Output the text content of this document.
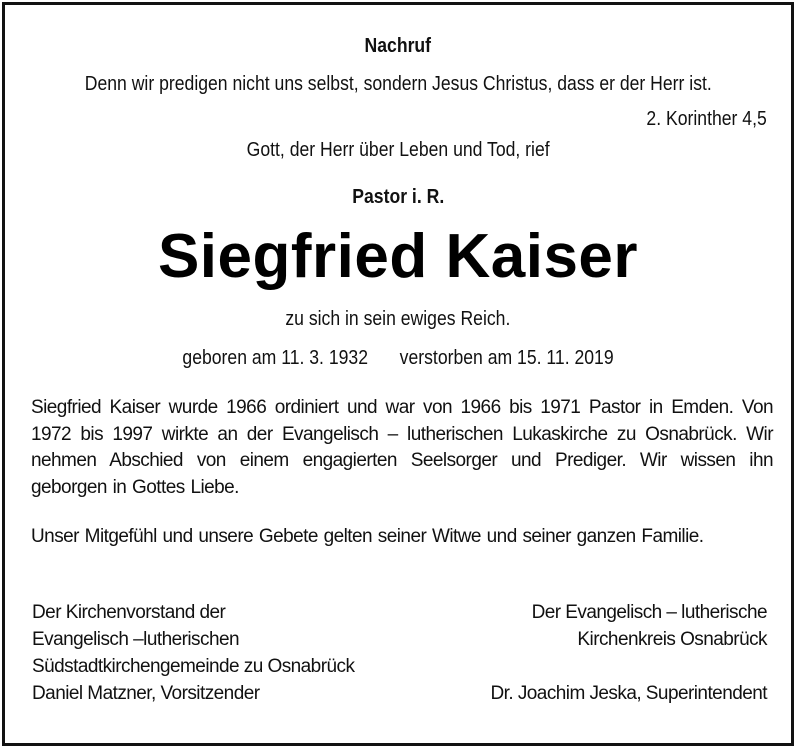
Nachruf
Denn wir predigen nicht uns selbst, sondern Jesus Christus, dass er der Herr ist.
2. Korinther 4,5
Gott, der Herr über Leben und Tod, rief
Pastor i. R.
Siegfried Kaiser
zu sich in sein ewiges Reich.
geboren am 11. 3. 1932 verstorben am 15. 11. 2019
Siegfried Kaiser wurde 1966 ordiniert und war von 1966 bis 1971 Pastor in Emden. Von 1972 bis 1997 wirkte an der Evangelisch – lutherischen Lukaskirche zu Osnabrück. Wir nehmen Abschied von einem engagierten Seelsorger und Prediger. Wir wissen ihn geborgen in Gottes Liebe.
Unser Mitgefühl und unsere Gebete gelten seiner Witwe und seiner ganzen Familie.
Der Kirchenvorstand der
Evangelisch –lutherischen
Südstadtkirchengemeinde zu Osnabrück
Daniel Matzner, Vorsitzender
Der Evangelisch – lutherische
Kirchenkreis Osnabrück
Dr. Joachim Jeska, Superintendent
